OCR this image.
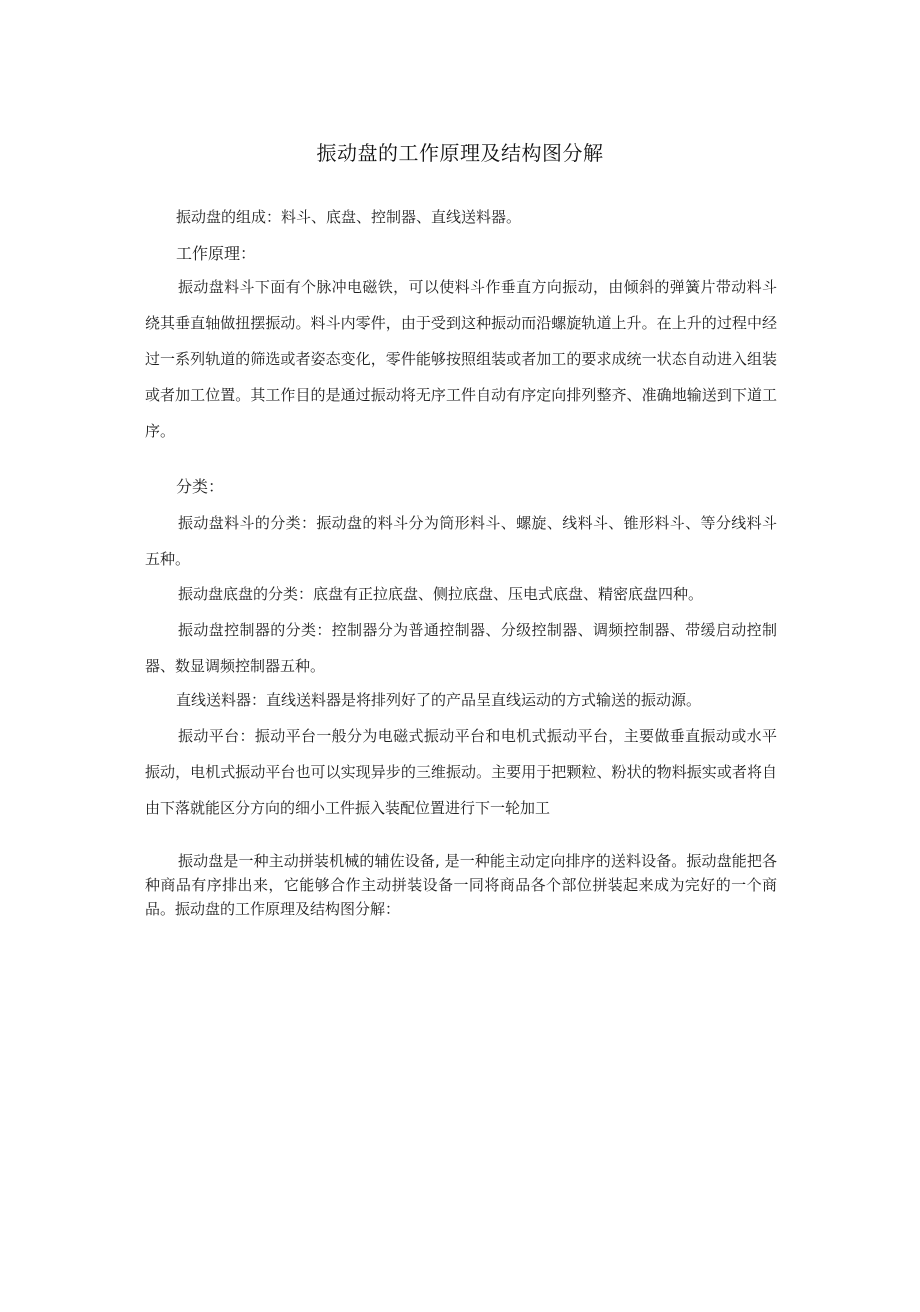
振动盘的工作原理及结构图分解
振动盘的组成：料斗、底盘、控制器、直线送料器。
工作原理：
振动盘料斗下面有个脉冲电磁铁，可以使料斗作垂直方向振动，由倾斜的弹簧片带动料斗绕其垂直轴做扭摆振动。料斗内零件，由于受到这种振动而沿螺旋轨道上升。在上升的过程中经过一系列轨道的筛选或者姿态变化，零件能够按照组装或者加工的要求成统一状态自动进入组装或者加工位置。其工作目的是通过振动将无序工件自动有序定向排列整齐、准确地输送到下道工序。
分类：
振动盘料斗的分类：振动盘的料斗分为筒形料斗、螺旋、线料斗、锥形料斗、等分线料斗五种。
振动盘底盘的分类：底盘有正拉底盘、侧拉底盘、压电式底盘、精密底盘四种。
振动盘控制器的分类：控制器分为普通控制器、分级控制器、调频控制器、带缓启动控制器、数显调频控制器五种。
直线送料器：直线送料器是将排列好了的产品呈直线运动的方式输送的振动源。
振动平台：振动平台一般分为电磁式振动平台和电机式振动平台，主要做垂直振动或水平振动，电机式振动平台也可以实现异步的三维振动。主要用于把颗粒、粉状的物料振实或者将自由下落就能区分方向的细小工件振入装配位置进行下一轮加工
振动盘是一种主动拼装机械的辅佐设备, 是一种能主动定向排序的送料设备。振动盘能把各种商品有序排出来，它能够合作主动拼装设备一同将商品各个部位拼装起来成为完好的一个商品。振动盘的工作原理及结构图分解：
